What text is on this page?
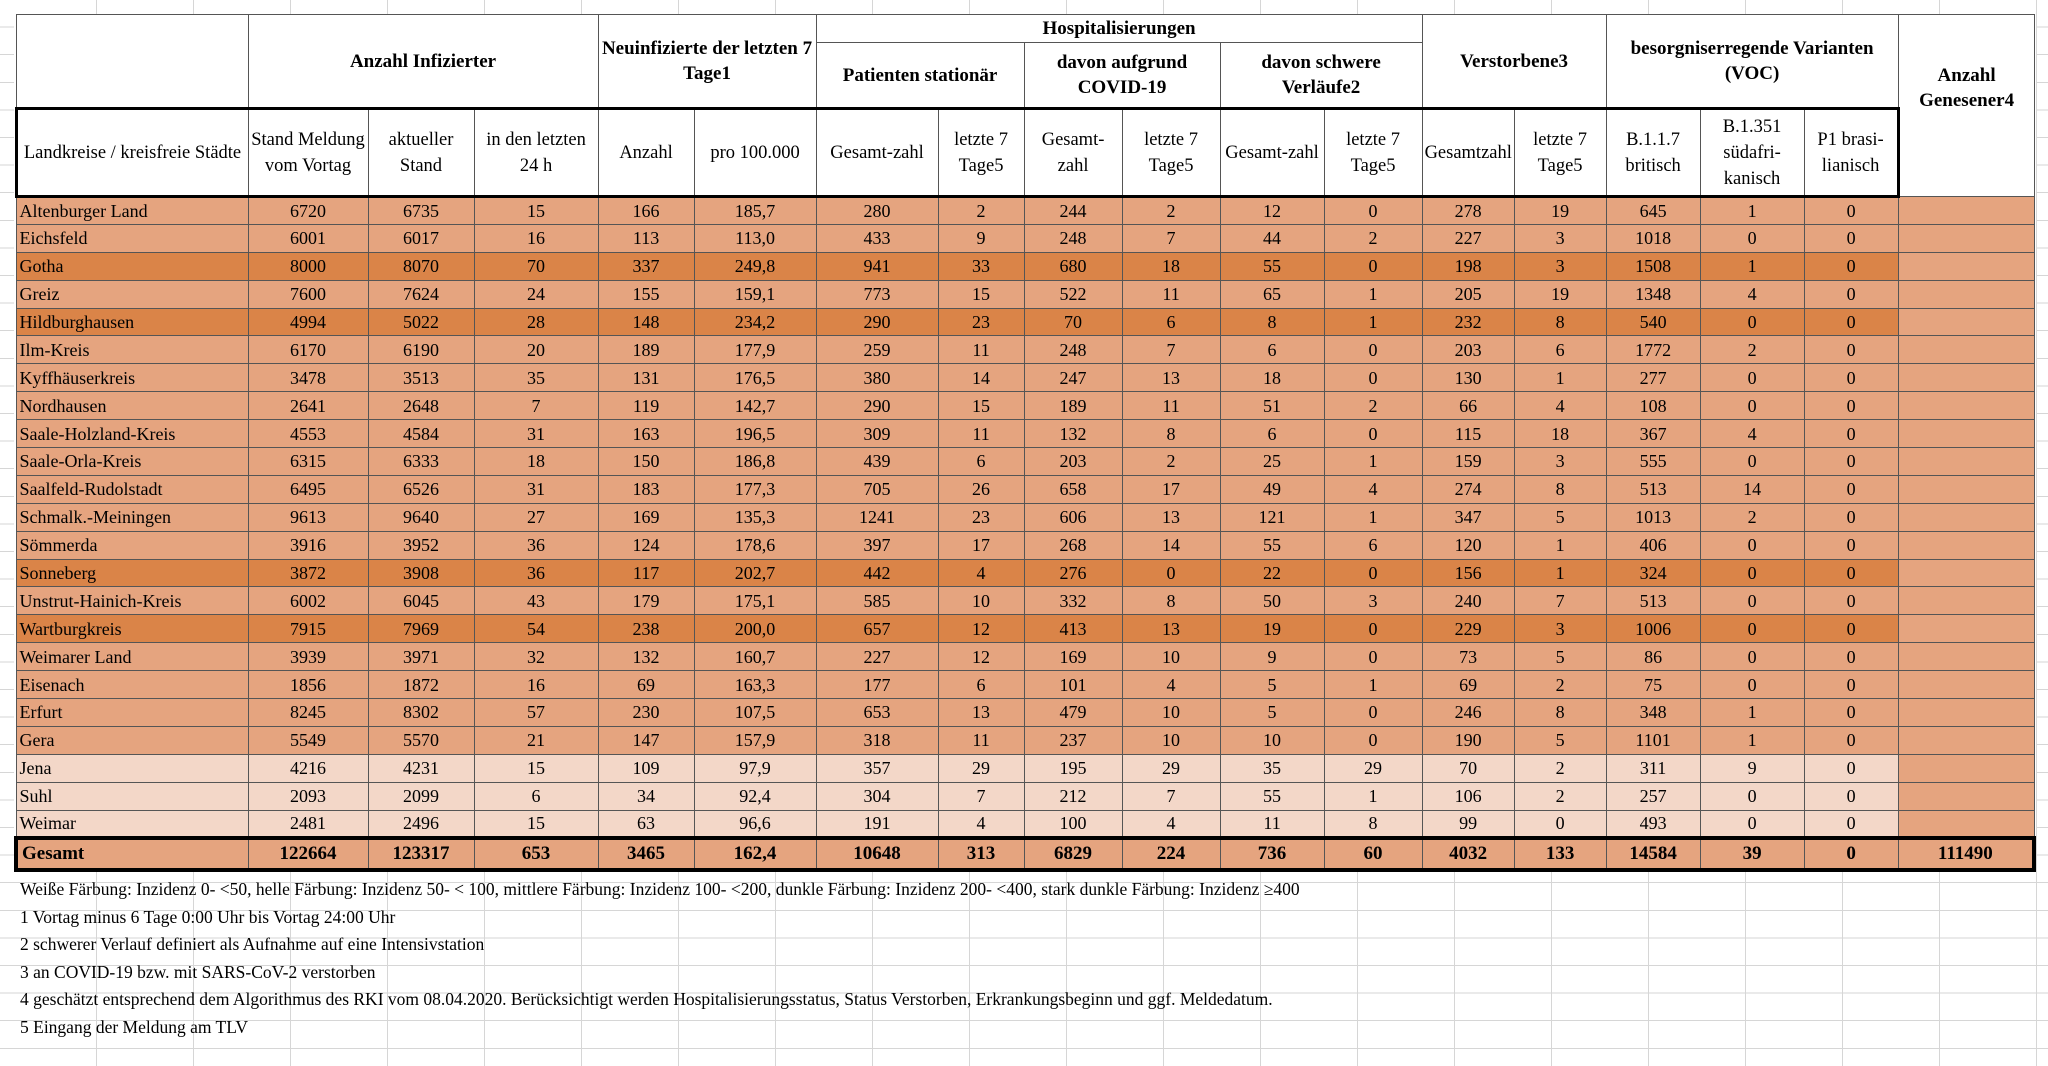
	Anzahl Infizierter			Neuinfizierte der letzten 7 Tage1		Hospitalisierungen						Verstorbene3		besorgniserregende Varianten (VOC)			Anzahl Genesener4
						Patienten stationär		davon aufgrund COVID-19		davon schwere Verläufe2							
Landkreise / kreisfreie Städte	Stand Meldung vom Vortag	aktueller Stand	in den letzten 24 h	Anzahl	pro 100.000	Gesamt-zahl	letzte 7 Tage5	Gesamt-zahl	letzte 7 Tage5	Gesamt-zahl	letzte 7 Tage5	Gesamtzahl	letzte 7 Tage5	B.1.1.7 britisch	B.1.351 südafri-kanisch	P1 brasi-lianisch	
Altenburger Land	6720	6735	15	166	185,7	280	2	244	2	12	0	278	19	645	1	0	
Eichsfeld	6001	6017	16	113	113,0	433	9	248	7	44	2	227	3	1018	0	0	
Gotha	8000	8070	70	337	249,8	941	33	680	18	55	0	198	3	1508	1	0	
Greiz	7600	7624	24	155	159,1	773	15	522	11	65	1	205	19	1348	4	0	
Hildburghausen	4994	5022	28	148	234,2	290	23	70	6	8	1	232	8	540	0	0	
Ilm-Kreis	6170	6190	20	189	177,9	259	11	248	7	6	0	203	6	1772	2	0	
Kyffhäuserkreis	3478	3513	35	131	176,5	380	14	247	13	18	0	130	1	277	0	0	
Nordhausen	2641	2648	7	119	142,7	290	15	189	11	51	2	66	4	108	0	0	
Saale-Holzland-Kreis	4553	4584	31	163	196,5	309	11	132	8	6	0	115	18	367	4	0	
Saale-Orla-Kreis	6315	6333	18	150	186,8	439	6	203	2	25	1	159	3	555	0	0	
Saalfeld-Rudolstadt	6495	6526	31	183	177,3	705	26	658	17	49	4	274	8	513	14	0	
Schmalk.-Meiningen	9613	9640	27	169	135,3	1241	23	606	13	121	1	347	5	1013	2	0	
Sömmerda	3916	3952	36	124	178,6	397	17	268	14	55	6	120	1	406	0	0	
Sonneberg	3872	3908	36	117	202,7	442	4	276	0	22	0	156	1	324	0	0	
Unstrut-Hainich-Kreis	6002	6045	43	179	175,1	585	10	332	8	50	3	240	7	513	0	0	
Wartburgkreis	7915	7969	54	238	200,0	657	12	413	13	19	0	229	3	1006	0	0	
Weimarer Land	3939	3971	32	132	160,7	227	12	169	10	9	0	73	5	86	0	0	
Eisenach	1856	1872	16	69	163,3	177	6	101	4	5	1	69	2	75	0	0	
Erfurt	8245	8302	57	230	107,5	653	13	479	10	5	0	246	8	348	1	0	
Gera	5549	5570	21	147	157,9	318	11	237	10	10	0	190	5	1101	1	0	
Jena	4216	4231	15	109	97,9	357	29	195	29	35	29	70	2	311	9	0	
Suhl	2093	2099	6	34	92,4	304	7	212	7	55	1	106	2	257	0	0	
Weimar	2481	2496	15	63	96,6	191	4	100	4	11	8	99	0	493	0	0	
Gesamt	122664	123317	653	3465	162,4	10648	313	6829	224	736	60	4032	133	14584	39	0	111490
Weiße Färbung: Inzidenz 0- <50, helle Färbung: Inzidenz 50- < 100, mittlere Färbung: Inzidenz 100- <200, dunkle Färbung: Inzidenz 200- <400, stark dunkle Färbung: Inzidenz ≥400
1 Vortag minus 6 Tage 0:00 Uhr bis Vortag 24:00 Uhr
2 schwerer Verlauf definiert als Aufnahme auf eine Intensivstation
3 an COVID-19 bzw. mit SARS-CoV-2 verstorben
4 geschätzt entsprechend dem Algorithmus des RKI vom 08.04.2020. Berücksichtigt werden Hospitalisierungsstatus, Status Verstorben, Erkrankungsbeginn und ggf. Meldedatum.
5 Eingang der Meldung am TLV
